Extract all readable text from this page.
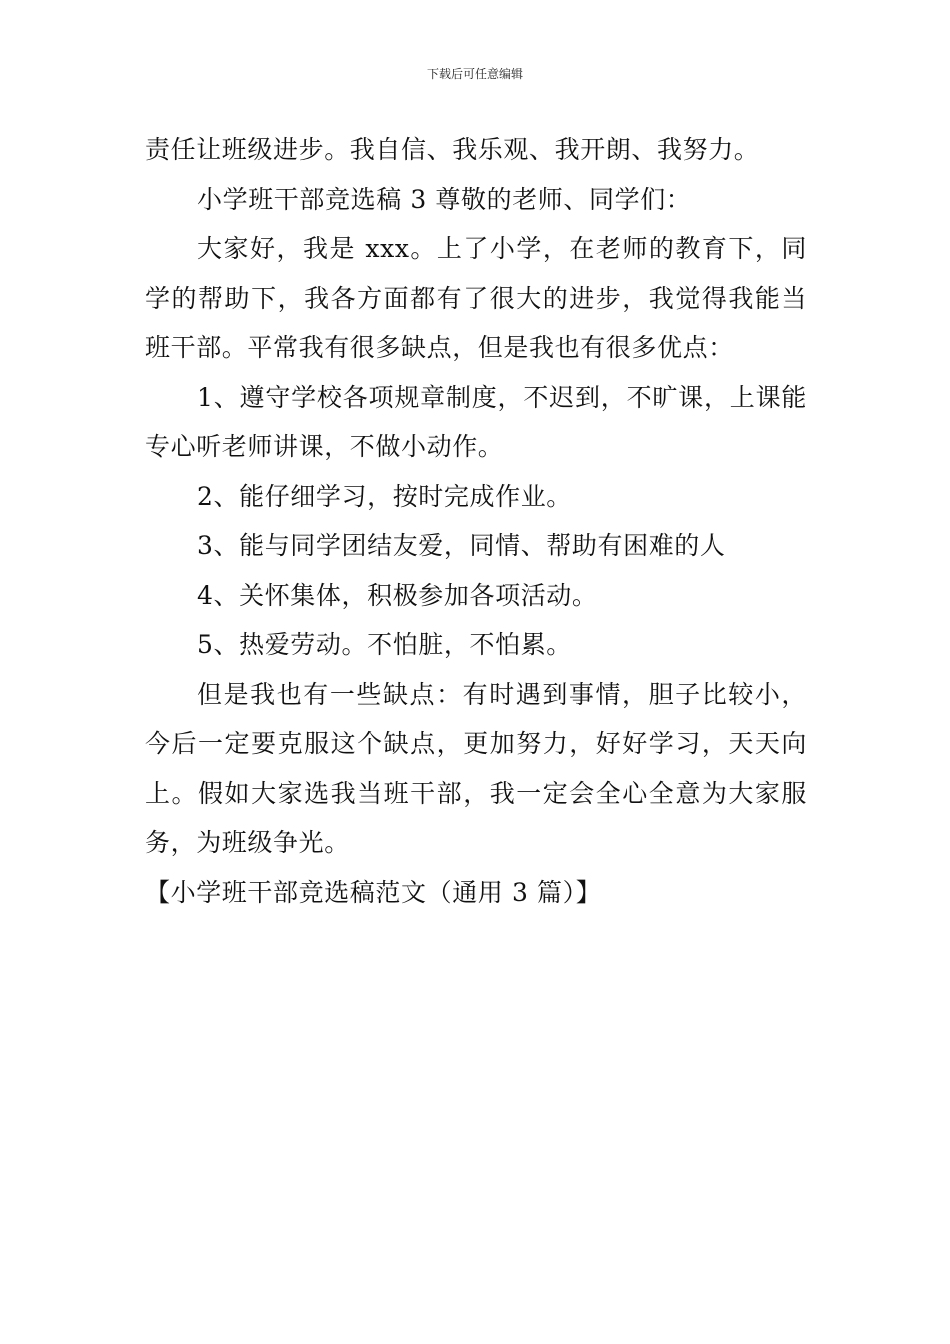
下载后可任意编辑

责任让班级进步。我自信、我乐观、我开朗、我努力。

小学班干部竞选稿 3 尊敬的老师、同学们：

大家好，我是 xxx。上了小学，在老师的教育下，同学的帮助下，我各方面都有了很大的进步，我觉得我能当班干部。平常我有很多缺点，但是我也有很多优点：

1、遵守学校各项规章制度，不迟到，不旷课，上课能专心听老师讲课，不做小动作。

2、能仔细学习，按时完成作业。

3、能与同学团结友爱，同情、帮助有困难的人

4、关怀集体，积极参加各项活动。

5、热爱劳动。不怕脏，不怕累。

但是我也有一些缺点：有时遇到事情，胆子比较小，今后一定要克服这个缺点，更加努力，好好学习，天天向上。假如大家选我当班干部，我一定会全心全意为大家服务，为班级争光。

【小学班干部竞选稿范文（通用 3 篇）】
